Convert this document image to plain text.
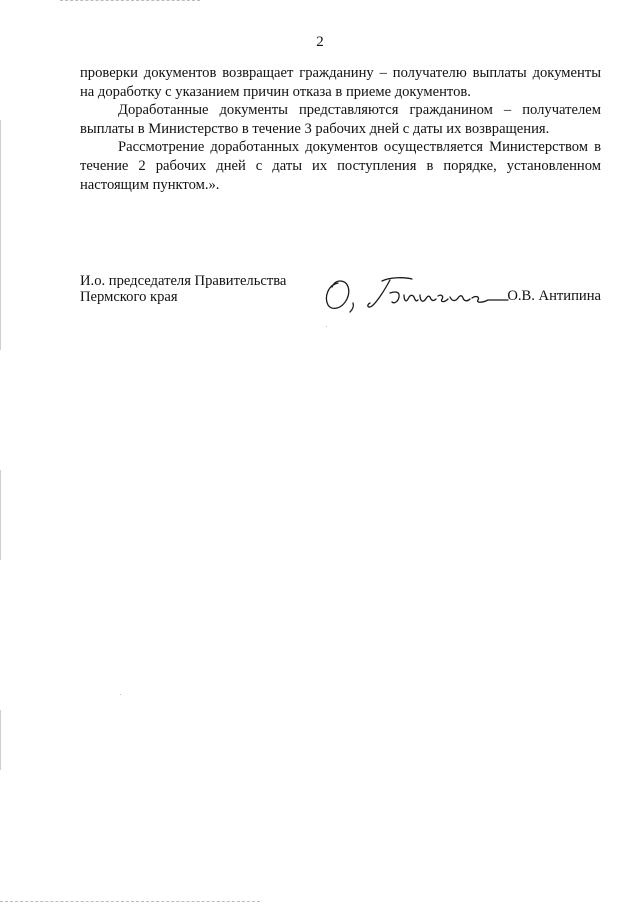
2

проверки документов возвращает гражданину – получателю выплаты документы на доработку с указанием причин отказа в приеме документов.

Доработанные документы представляются гражданином – получателем выплаты в Министерство в течение 3 рабочих дней с даты их возвращения.

Рассмотрение доработанных документов осуществляется Министерством в течение 2 рабочих дней с даты их поступления в порядке, установленном настоящим пунктом.».

И.о. председателя Правительства
Пермского края	О.В. Антипина
